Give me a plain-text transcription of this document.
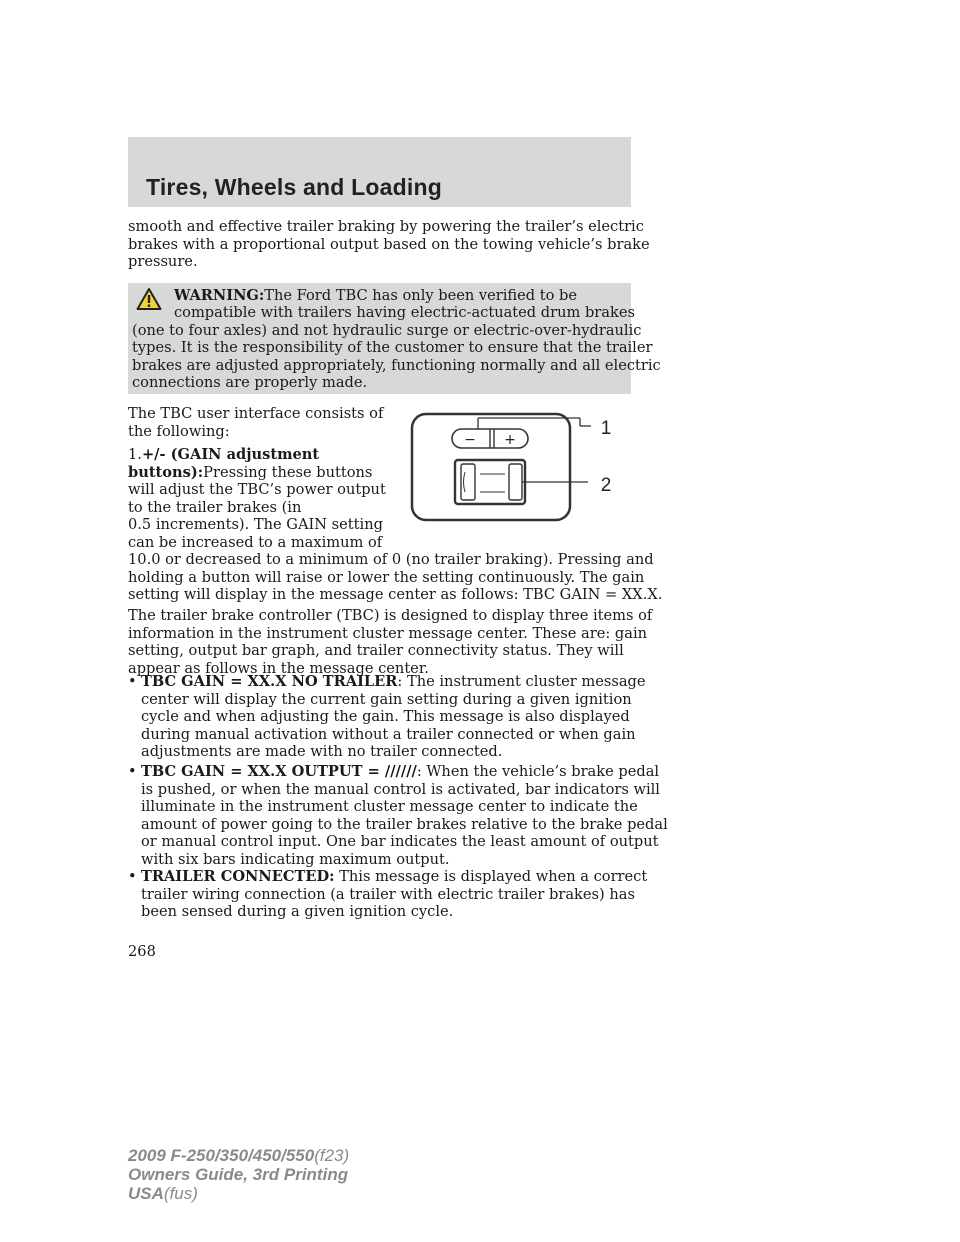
Tires, Wheels and Loading
smooth and effective trailer braking by powering the trailer’s electric
brakes with a proportional output based on the towing vehicle’s brake
pressure.

WARNING:The Ford TBC has only been verified to be

compatible with trailers having electric-actuated drum brakes

(one to four axles) and not hydraulic surge or electric-over-hydraulic

types. It is the responsibility of the customer to ensure that the trailer

brakes are adjusted appropriately, functioning normally and all electric

connections are properly made.

The TBC user interface consists of
the following:
1.+/- (GAIN adjustment
buttons):Pressing these buttons
will adjust the TBC’s power output
to the trailer brakes (in
0.5 increments). The GAIN setting
can be increased to a maximum of
10.0 or decreased to a minimum of 0 (no trailer braking). Pressing and
holding a button will raise or lower the setting continuously. The gain
setting will display in the message center as follows: TBC GAIN = XX.X.
− +
1
2
The trailer brake controller (TBC) is designed to display three items of
information in the instrument cluster message center. These are: gain
setting, output bar graph, and trailer connectivity status. They will
appear as follows in the message center.
• TBC GAIN = XX.X NO TRAILER: The instrument cluster message
center will display the current gain setting during a given ignition
cycle and when adjusting the gain. This message is also displayed
during manual activation without a trailer connected or when gain
adjustments are made with no trailer connected.
• TBC GAIN = XX.X OUTPUT = //////: When the vehicle’s brake pedal
is pushed, or when the manual control is activated, bar indicators will
illuminate in the instrument cluster message center to indicate the
amount of power going to the trailer brakes relative to the brake pedal
or manual control input. One bar indicates the least amount of output
with six bars indicating maximum output.
• TRAILER CONNECTED: This message is displayed when a correct
trailer wiring connection (a trailer with electric trailer brakes) has
been sensed during a given ignition cycle.
268
2009 F-250/350/450/550(f23)
Owners Guide, 3rd Printing
USA(fus)
